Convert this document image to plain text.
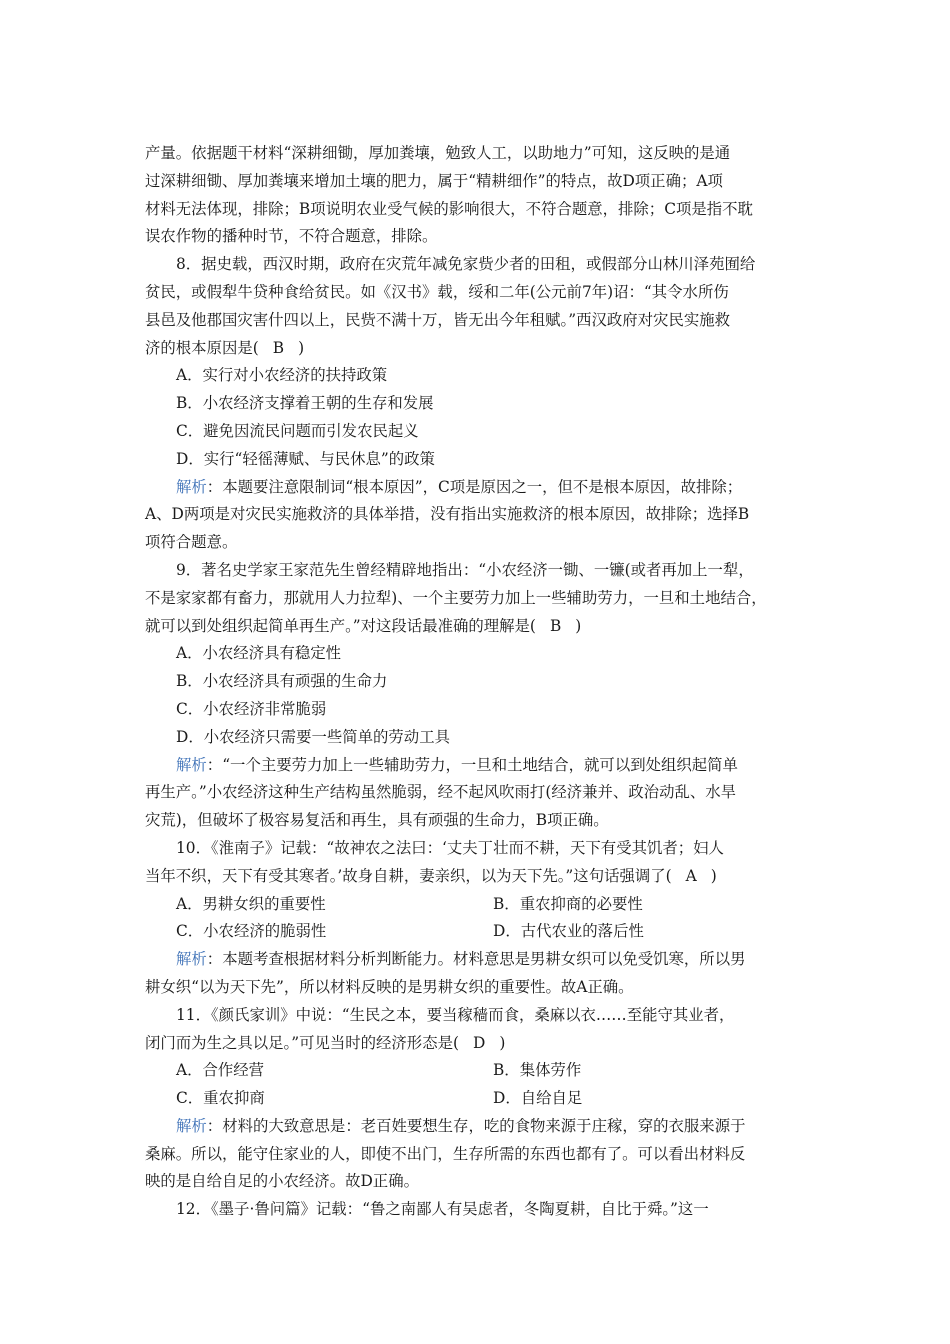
产量。依据题干材料“深耕细锄，厚加粪壤，勉致人工，以助地力”可知，这反映的是通

过深耕细锄、厚加粪壤来增加土壤的肥力，属于“精耕细作”的特点，故D项正确；A项

材料无法体现，排除；B项说明农业受气候的影响很大，不符合题意，排除；C项是指不耽

误农作物的播种时节，不符合题意，排除。

8．据史载，西汉时期，政府在灾荒年减免家赀少者的田租，或假部分山林川泽苑囿给

贫民，或假犁牛贷种食给贫民。如《汉书》载，绥和二年(公元前7年)诏：“其令水所伤

县邑及他郡国灾害什四以上，民赀不满十万，皆无出今年租赋。”西汉政府对灾民实施救

济的根本原因是( B )

A．实行对小农经济的扶持政策

B．小农经济支撑着王朝的生存和发展

C．避免因流民问题而引发农民起义

D．实行“轻徭薄赋、与民休息”的政策

解析：本题要注意限制词“根本原因”，C项是原因之一，但不是根本原因，故排除；

A、D两项是对灾民实施救济的具体举措，没有指出实施救济的根本原因，故排除；选择B

项符合题意。

9．著名史学家王家范先生曾经精辟地指出：“小农经济一锄、一镰(或者再加上一犁，

不是家家都有畜力，那就用人力拉犁)、一个主要劳力加上一些辅助劳力，一旦和土地结合，

就可以到处组织起简单再生产。”对这段话最准确的理解是( B )

A．小农经济具有稳定性

B．小农经济具有顽强的生命力

C．小农经济非常脆弱

D．小农经济只需要一些简单的劳动工具

解析：“一个主要劳力加上一些辅助劳力，一旦和土地结合，就可以到处组织起简单

再生产。”小农经济这种生产结构虽然脆弱，经不起风吹雨打(经济兼并、政治动乱、水旱

灾荒)，但破坏了极容易复活和再生，具有顽强的生命力，B项正确。

10．《淮南子》记载：“故神农之法曰：‘丈夫丁壮而不耕，天下有受其饥者；妇人

当年不织，天下有受其寒者。’故身自耕，妻亲织，以为天下先。”这句话强调了( A )

A．男耕女织的重要性	B．重农抑商的必要性
C．小农经济的脆弱性	D．古代农业的落后性

解析：本题考查根据材料分析判断能力。材料意思是男耕女织可以免受饥寒，所以男

耕女织“以为天下先”，所以材料反映的是男耕女织的重要性。故A正确。

11．《颜氏家训》中说：“生民之本，要当稼穑而食，桑麻以衣……至能守其业者，

闭门而为生之具以足。”可见当时的经济形态是( D )

A．合作经营	B．集体劳作
C．重农抑商	D．自给自足

解析：材料的大致意思是：老百姓要想生存，吃的食物来源于庄稼，穿的衣服来源于

桑麻。所以，能守住家业的人，即使不出门，生存所需的东西也都有了。可以看出材料反

映的是自给自足的小农经济。故D正确。

12．《墨子·鲁问篇》记载：“鲁之南鄙人有吴虑者，冬陶夏耕，自比于舜。”这一
